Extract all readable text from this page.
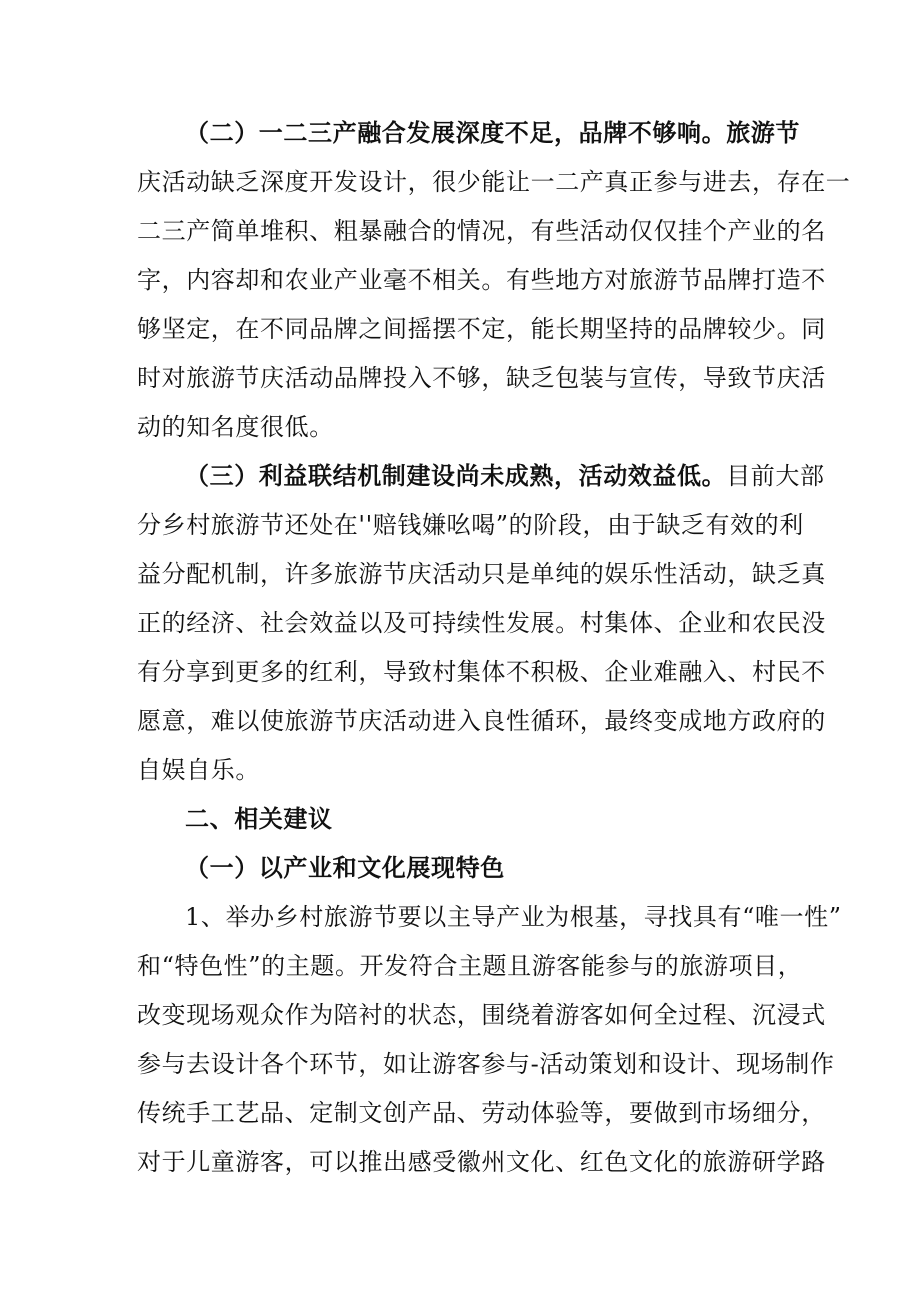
（二）一二三产融合发展深度不足，品牌不够响。旅游节
庆活动缺乏深度开发设计，很少能让一二产真正参与进去，存在一
二三产简单堆积、粗暴融合的情况，有些活动仅仅挂个产业的名
字，内容却和农业产业毫不相关。有些地方对旅游节品牌打造不
够坚定，在不同品牌之间摇摆不定，能长期坚持的品牌较少。同
时对旅游节庆活动品牌投入不够，缺乏包装与宣传，导致节庆活
动的知名度很低。
（三）利益联结机制建设尚未成熟，活动效益低。目前大部
分乡村旅游节还处在''赔钱嫌吆喝”的阶段，由于缺乏有效的利
益分配机制，许多旅游节庆活动只是单纯的娱乐性活动，缺乏真
正的经济、社会效益以及可持续性发展。村集体、企业和农民没
有分享到更多的红利，导致村集体不积极、企业难融入、村民不
愿意，难以使旅游节庆活动进入良性循环，最终变成地方政府的
自娱自乐。
二、相关建议
（一）以产业和文化展现特色
1、举办乡村旅游节要以主导产业为根基，寻找具有“唯一性”
和“特色性”的主题。开发符合主题且游客能参与的旅游项目，
改变现场观众作为陪衬的状态，围绕着游客如何全过程、沉浸式
参与去设计各个环节，如让游客参与-活动策划和设计、现场制作
传统手工艺品、定制文创产品、劳动体验等，要做到市场细分，
对于儿童游客，可以推出感受徽州文化、红色文化的旅游研学路
